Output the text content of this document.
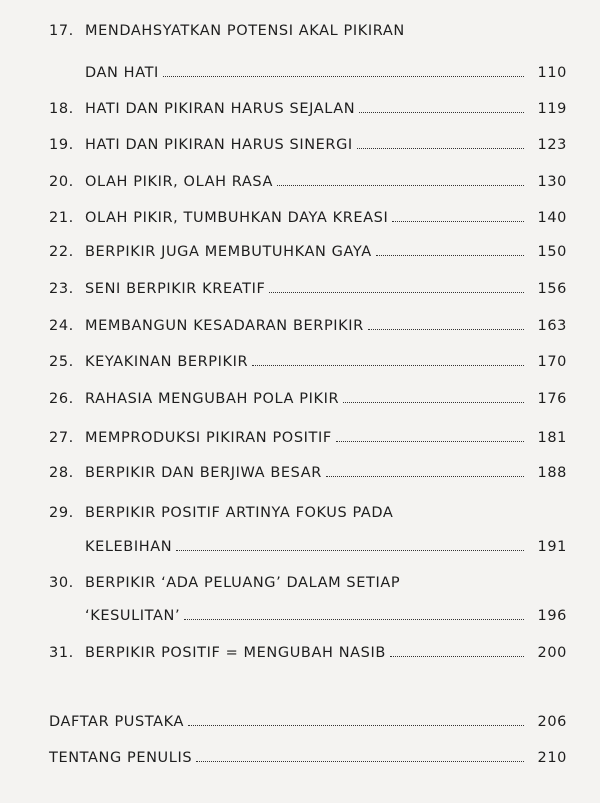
17. MENDAHSYATKAN POTENSI AKAL PIKIRAN
DAN HATI	110
18. HATI DAN PIKIRAN HARUS SEJALAN	119
19. HATI DAN PIKIRAN HARUS SINERGI	123
20. OLAH PIKIR, OLAH RASA	130
21. OLAH PIKIR, TUMBUHKAN DAYA KREASI	140
22. BERPIKIR JUGA MEMBUTUHKAN GAYA	150
23. SENI BERPIKIR KREATIF	156
24. MEMBANGUN KESADARAN BERPIKIR	163
25. KEYAKINAN BERPIKIR	170
26. RAHASIA MENGUBAH POLA PIKIR	176
27. MEMPRODUKSI PIKIRAN POSITIF	181
28. BERPIKIR DAN BERJIWA BESAR	188
29. BERPIKIR POSITIF ARTINYA FOKUS PADA
KELEBIHAN	191
30. BERPIKIR ‘ADA PELUANG’ DALAM SETIAP
‘KESULITAN’	196
31. BERPIKIR POSITIF = MENGUBAH NASIB	200
DAFTAR PUSTAKA	206
TENTANG PENULIS	210
